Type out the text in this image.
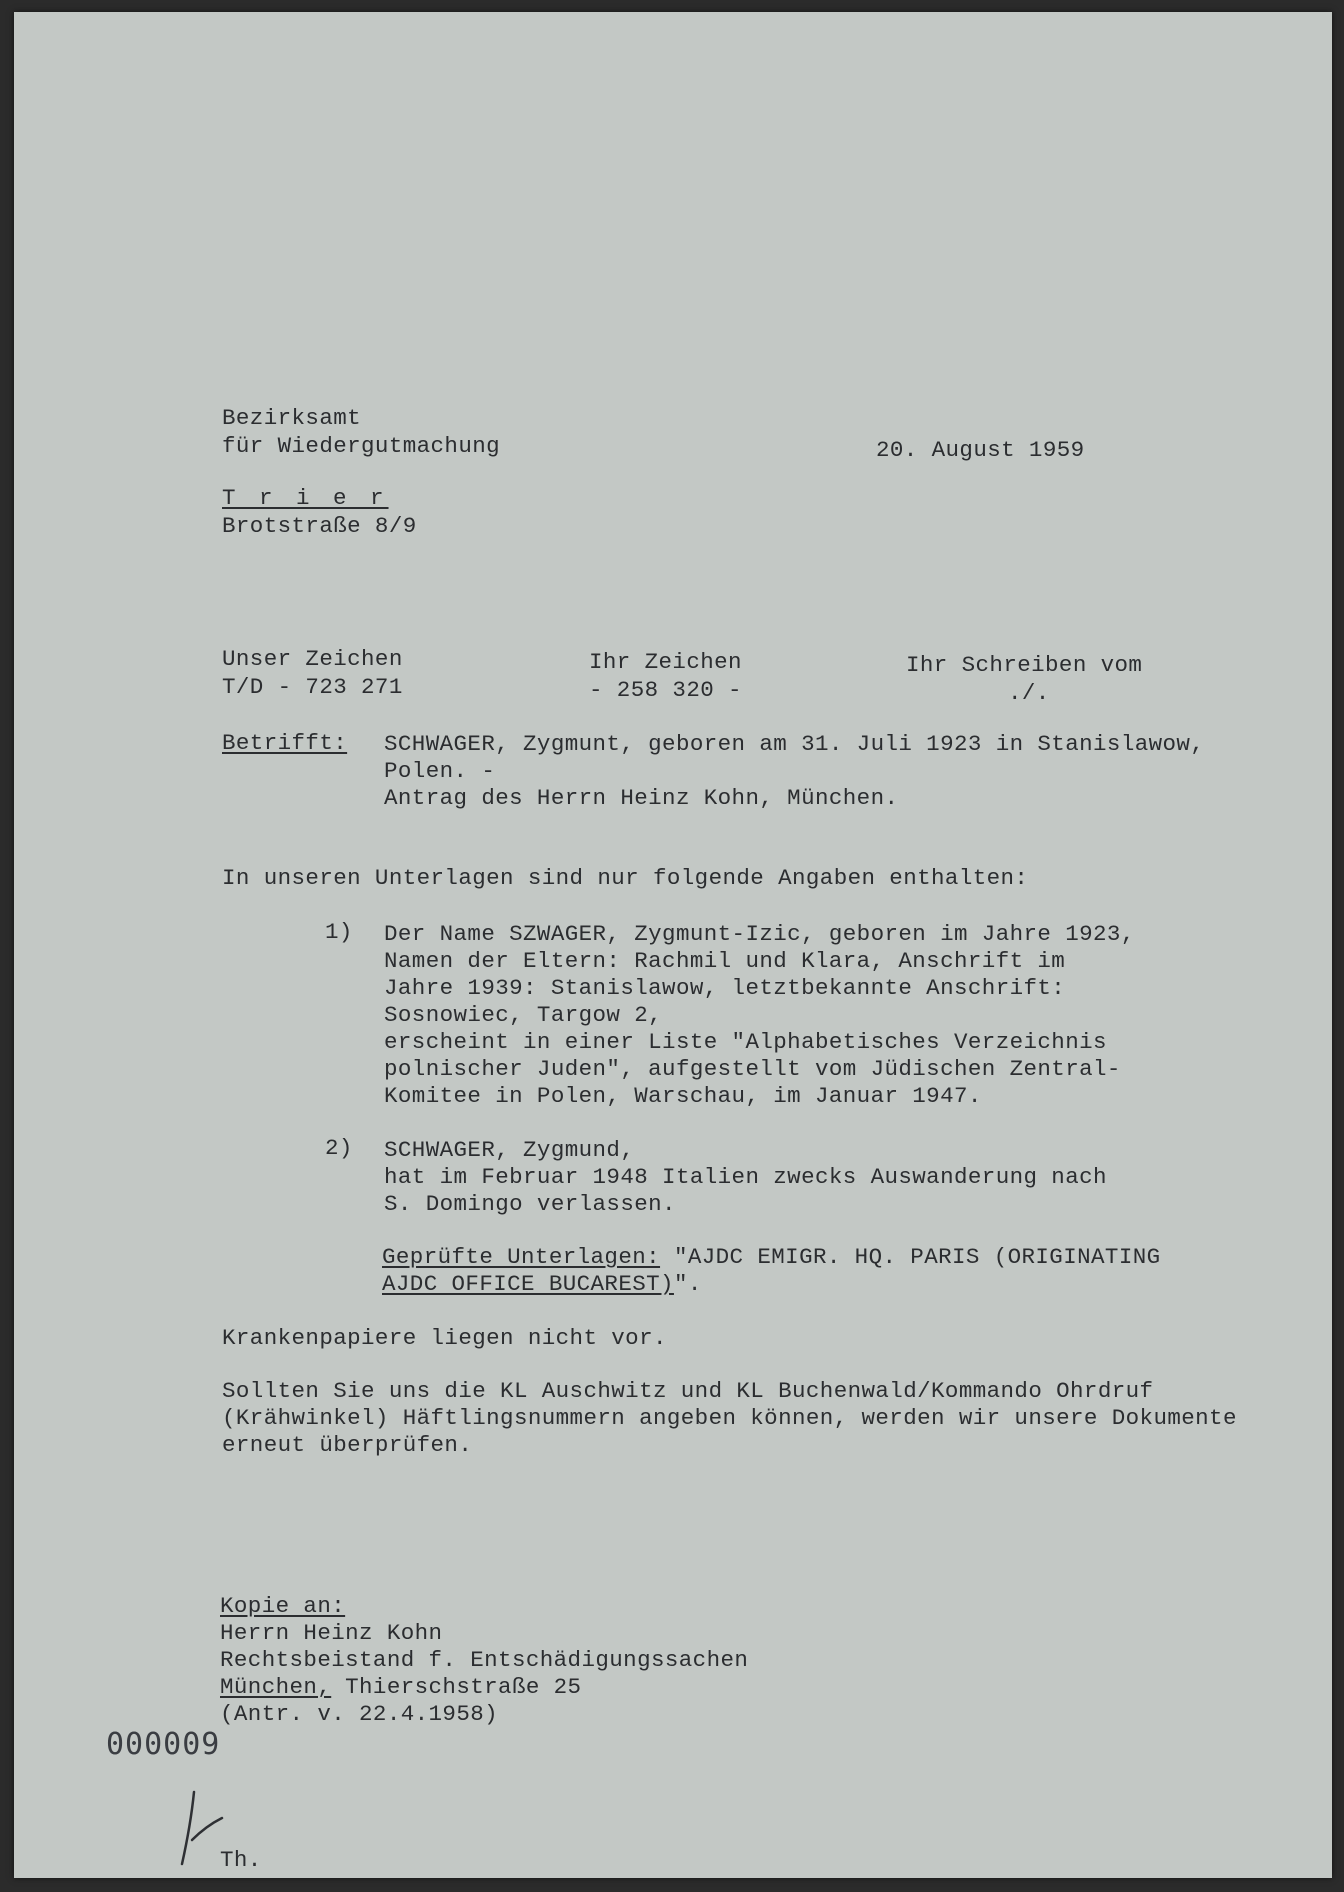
Bezirksamt
für Wiedergutmachung
T r i e r
Brotstraße 8/9
20. August 1959
Unser Zeichen
T/D - 723 271
Ihr Zeichen
- 258 320 -
Ihr Schreiben vom
./.
Betrifft: SCHWAGER, Zygmunt, geboren am 31. Juli 1923 in Stanislawow,
Polen. -
Antrag des Herrn Heinz Kohn, München.
In unseren Unterlagen sind nur folgende Angaben enthalten:
1) Der Name SZWAGER, Zygmunt-Izic, geboren im Jahre 1923,
Namen der Eltern: Rachmil und Klara, Anschrift im
Jahre 1939: Stanislawow, letztbekannte Anschrift:
Sosnowiec, Targow 2,
erscheint in einer Liste "Alphabetisches Verzeichnis
polnischer Juden", aufgestellt vom Jüdischen Zentral-
Komitee in Polen, Warschau, im Januar 1947.
2) SCHWAGER, Zygmund,
hat im Februar 1948 Italien zwecks Auswanderung nach
S. Domingo verlassen.
Geprüfte Unterlagen: "AJDC EMIGR. HQ. PARIS (ORIGINATING
AJDC OFFICE BUCAREST)".
Krankenpapiere liegen nicht vor.
Sollten Sie uns die KL Auschwitz und KL Buchenwald/Kommando Ohrdruf
(Krähwinkel) Häftlingsnummern angeben können, werden wir unsere Dokumente
erneut überprüfen.
Kopie an:
Herrn Heinz Kohn
Rechtsbeistand f. Entschädigungssachen
München, Thierschstraße 25
(Antr. v. 22.4.1958)
000009
Th.
